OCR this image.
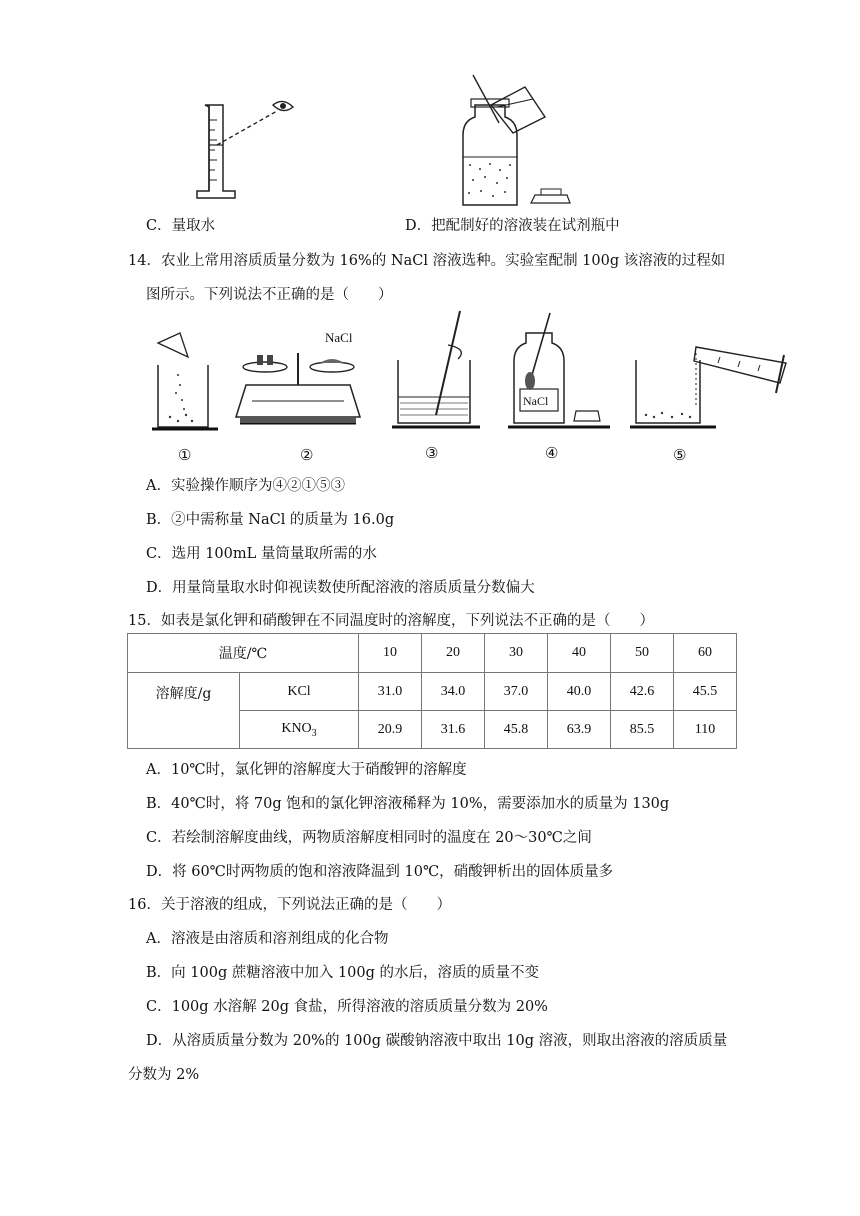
C．量取水	D．把配制好的溶液装在试剂瓶中
14．农业上常用溶质质量分数为 16%的 NaCl 溶液选种。实验室配制 100g 该溶液的过程如
图所示。下列说法不正确的是（　　）
NaCl
NaCl
①	②	③	④	⑤
A．实验操作顺序为④②①⑤③
B．②中需称量 NaCl 的质量为 16.0g
C．选用 100mL 量筒量取所需的水
D．用量筒量取水时仰视读数使所配溶液的溶质质量分数偏大
15．如表是氯化钾和硝酸钾在不同温度时的溶解度，下列说法不正确的是（　　）
温度/℃		10	20	30	40	50	60
溶解度/g	KCl	31.0	34.0	37.0	40.0	42.6	45.5
	$KNO_3$	20.9	31.6	45.8	63.9	85.5	110
A．10℃时，氯化钾的溶解度大于硝酸钾的溶解度
B．40℃时，将 70g 饱和的氯化钾溶液稀释为 10%，需要添加水的质量为 130g
C．若绘制溶解度曲线，两物质溶解度相同时的温度在 20～30℃之间
D．将 60℃时两物质的饱和溶液降温到 10℃，硝酸钾析出的固体质量多
16．关于溶液的组成，下列说法正确的是（　　）
A．溶液是由溶质和溶剂组成的化合物
B．向 100g 蔗糖溶液中加入 100g 的水后，溶质的质量不变
C．100g 水溶解 20g 食盐，所得溶液的溶质质量分数为 20%
D．从溶质质量分数为 20%的 100g 碳酸钠溶液中取出 10g 溶液，则取出溶液的溶质质量
分数为 2%
